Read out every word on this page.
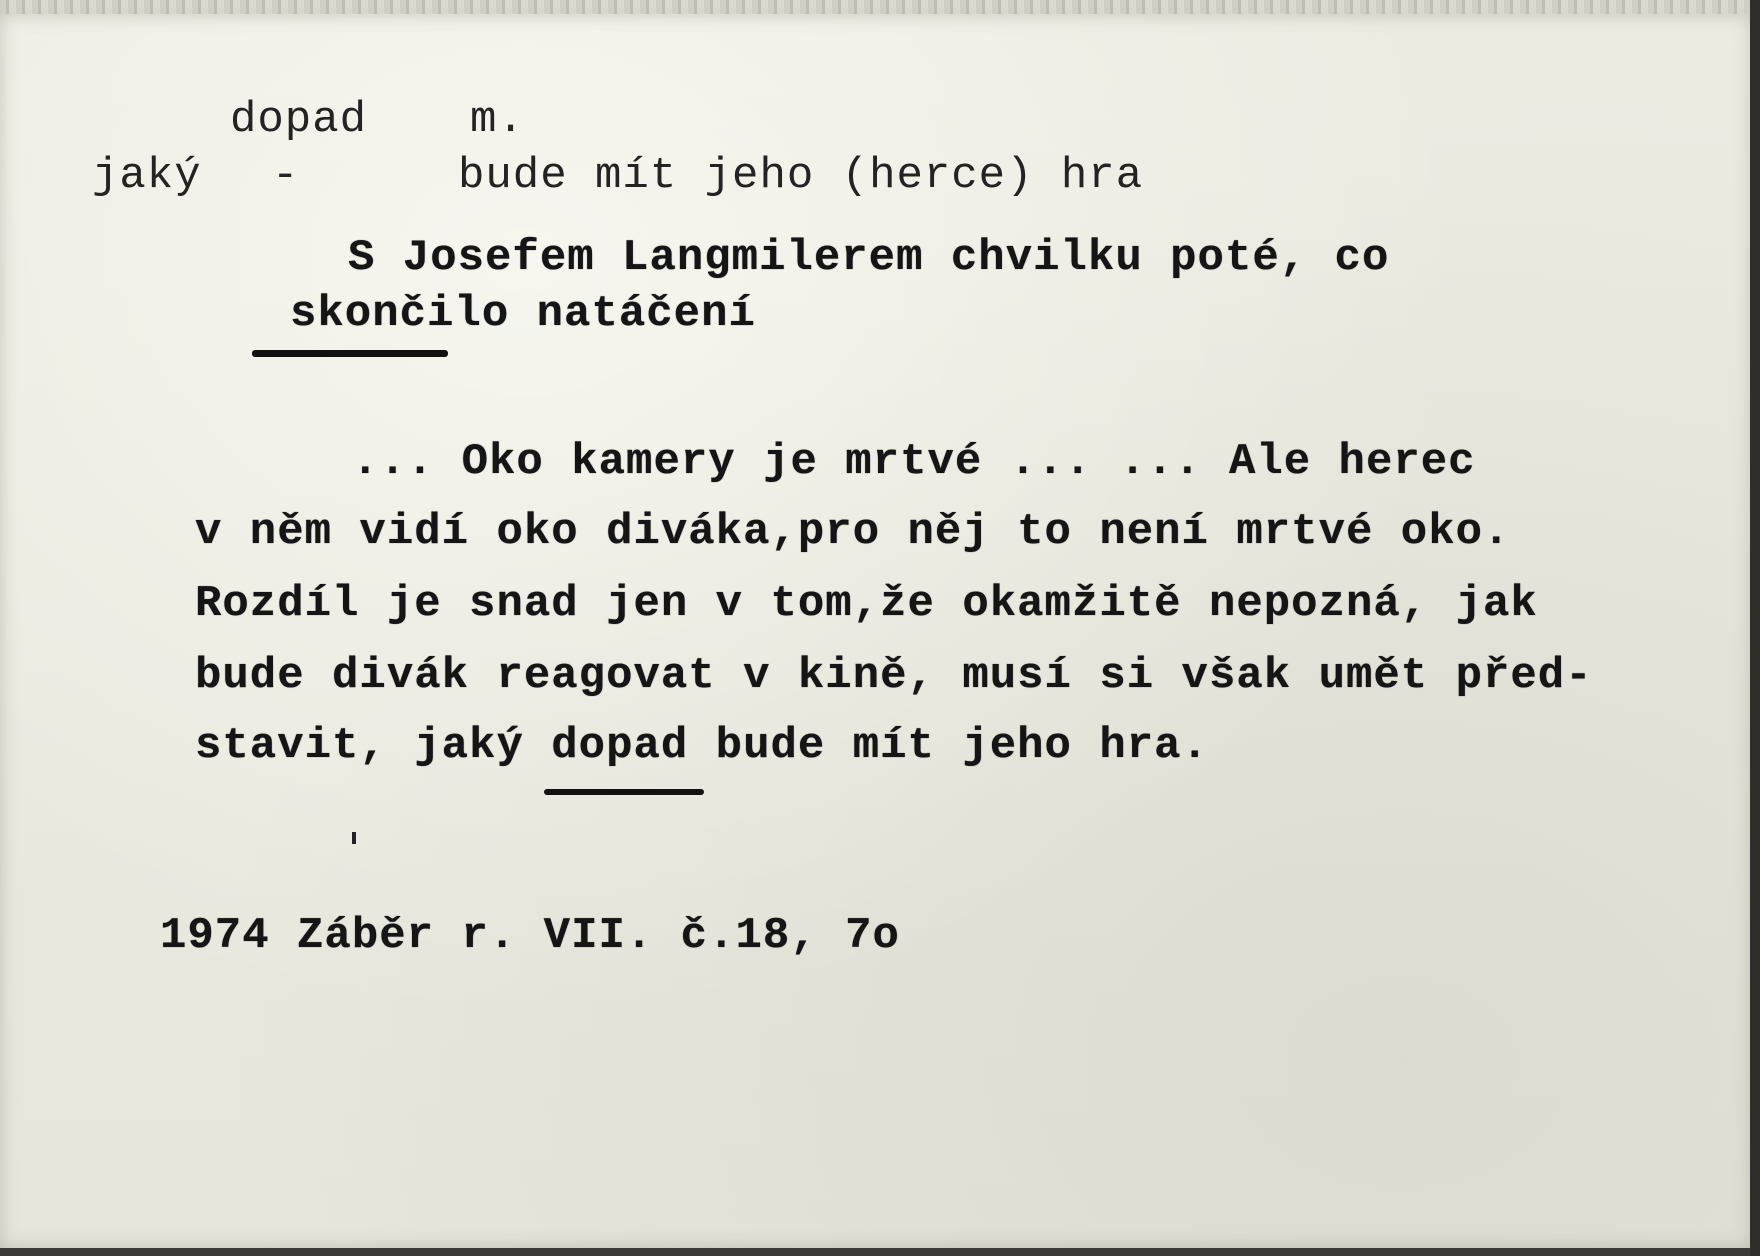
dopad m.
jaký -	bude mít jeho (herce) hra
S Josefem Langmilerem chvilku poté, co
skončilo natáčení
... Oko kamery je mrtvé ... ... Ale herec
v něm vidí oko diváka,pro něj to není mrtvé oko.
Rozdíl je snad jen v tom,že okamžitě nepozná, jak
bude divák reagovat v kině, musí si však umět před-
stavit, jaký dopad bude mít jeho hra.
1974 Záběr r. VII. č.18, 7o
